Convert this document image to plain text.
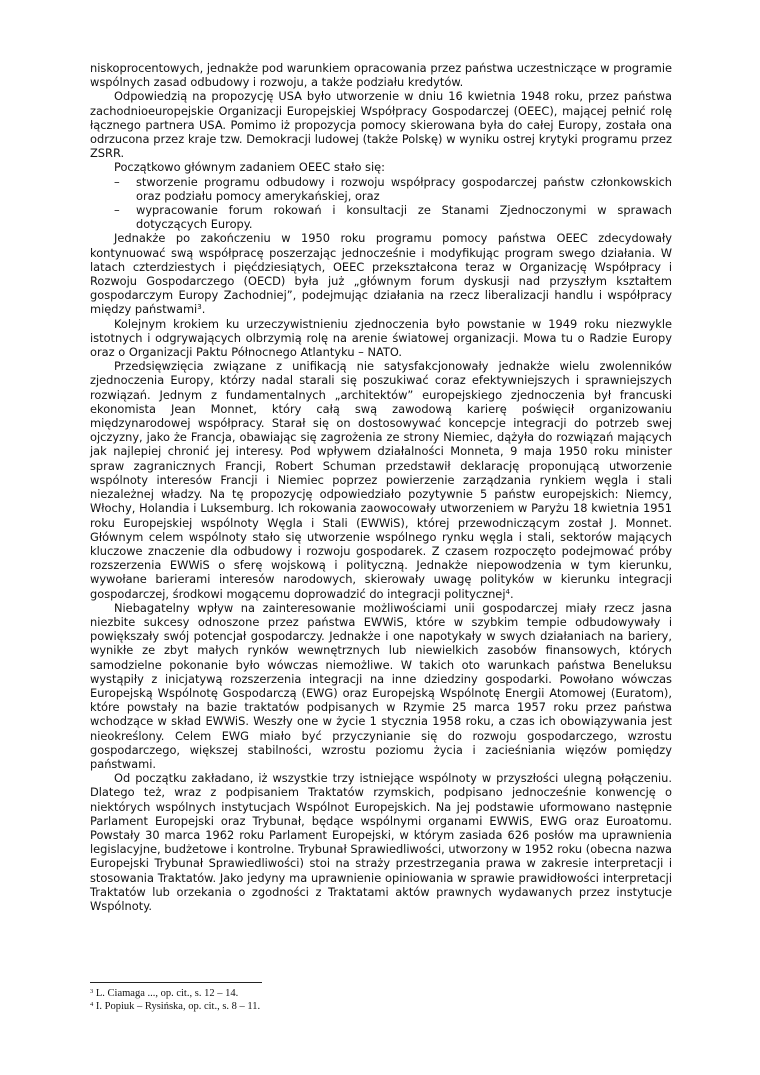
niskoprocentowych, jednakże pod warunkiem opracowania przez państwa uczestniczące w programie wspólnych zasad odbudowy i rozwoju, a także podziału kredytów.

Odpowiedzią na propozycję USA było utworzenie w dniu 16 kwietnia 1948 roku, przez państwa zachodnioeuropejskie Organizacji Europejskiej Współpracy Gospodarczej (OEEC), mającej pełnić rolę łącznego partnera USA. Pomimo iż propozycja pomocy skierowana była do całej Europy, została ona odrzucona przez kraje tzw. Demokracji ludowej (także Polskę) w wyniku ostrej krytyki programu przez ZSRR.

Początkowo głównym zadaniem OEEC stało się:

– stworzenie programu odbudowy i rozwoju współpracy gospodarczej państw członkowskich oraz podziału pomocy amerykańskiej, oraz
– wypracowanie forum rokowań i konsultacji ze Stanami Zjednoczonymi w sprawach dotyczących Europy.

Jednakże po zakończeniu w 1950 roku programu pomocy państwa OEEC zdecydowały kontynuować swą współpracę poszerzając jednocześnie i modyfikując program swego działania. W latach czterdziestych i pięćdziesiątych, OEEC przekształcona teraz w Organizację Współpracy i Rozwoju Gospodarczego (OECD) była już „głównym forum dyskusji nad przyszłym kształtem gospodarczym Europy Zachodniej”, podejmując działania na rzecz liberalizacji handlu i współpracy między państwami$^3$.

Kolejnym krokiem ku urzeczywistnieniu zjednoczenia było powstanie w 1949 roku niezwykle istotnych i odgrywających olbrzymią rolę na arenie światowej organizacji. Mowa tu o Radzie Europy oraz o Organizacji Paktu Północnego Atlantyku – NATO.

Przedsięwzięcia związane z unifikacją nie satysfakcjonowały jednakże wielu zwolenników zjednoczenia Europy, którzy nadal starali się poszukiwać coraz efektywniejszych i sprawniejszych rozwiązań. Jednym z fundamentalnych „architektów” europejskiego zjednoczenia był francuski ekonomista Jean Monnet, który całą swą zawodową karierę poświęcił organizowaniu międzynarodowej współpracy. Starał się on dostosowywać koncepcje integracji do potrzeb swej ojczyzny, jako że Francja, obawiając się zagrożenia ze strony Niemiec, dążyła do rozwiązań mających jak najlepiej chronić jej interesy. Pod wpływem działalności Monneta, 9 maja 1950 roku minister spraw zagranicznych Francji, Robert Schuman przedstawił deklarację proponującą utworzenie wspólnoty interesów Francji i Niemiec poprzez powierzenie zarządzania rynkiem węgla i stali niezależnej władzy. Na tę propozycję odpowiedziało pozytywnie 5 państw europejskich: Niemcy, Włochy, Holandia i Luksemburg. Ich rokowania zaowocowały utworzeniem w Paryżu 18 kwietnia 1951 roku Europejskiej wspólnoty Węgla i Stali (EWWiS), której przewodniczącym został J. Monnet. Głównym celem wspólnoty stało się utworzenie wspólnego rynku węgla i stali, sektorów mających kluczowe znaczenie dla odbudowy i rozwoju gospodarek. Z czasem rozpoczęto podejmować próby rozszerzenia EWWiS o sferę wojskową i polityczną. Jednakże niepowodzenia w tym kierunku, wywołane barierami interesów narodowych, skierowały uwagę polityków w kierunku integracji gospodarczej, środkowi mogącemu doprowadzić do integracji politycznej$^4$.

Niebagatelny wpływ na zainteresowanie możliwościami unii gospodarczej miały rzecz jasna niezbite sukcesy odnoszone przez państwa EWWiS, które w szybkim tempie odbudowywały i powiększały swój potencjał gospodarczy. Jednakże i one napotykały w swych działaniach na bariery, wynikłe ze zbyt małych rynków wewnętrznych lub niewielkich zasobów finansowych, których samodzielne pokonanie było wówczas niemożliwe. W takich oto warunkach państwa Beneluksu wystąpiły z inicjatywą rozszerzenia integracji na inne dziedziny gospodarki. Powołano wówczas Europejską Wspólnotę Gospodarczą (EWG) oraz Europejską Wspólnotę Energii Atomowej (Euratom), które powstały na bazie traktatów podpisanych w Rzymie 25 marca 1957 roku przez państwa wchodzące w skład EWWiS. Weszły one w życie 1 stycznia 1958 roku, a czas ich obowiązywania jest nieokreślony. Celem EWG miało być przyczynianie się do rozwoju gospodarczego, wzrostu gospodarczego, większej stabilności, wzrostu poziomu życia i zacieśniania więzów pomiędzy państwami.

Od początku zakładano, iż wszystkie trzy istniejące wspólnoty w przyszłości ulegną połączeniu. Dlatego też, wraz z podpisaniem Traktatów rzymskich, podpisano jednocześnie konwencję o niektórych wspólnych instytucjach Wspólnot Europejskich. Na jej podstawie uformowano następnie Parlament Europejski oraz Trybunał, będące wspólnymi organami EWWiS, EWG oraz Euroatomu. Powstały 30 marca 1962 roku Parlament Europejski, w którym zasiada 626 posłów ma uprawnienia legislacyjne, budżetowe i kontrolne. Trybunał Sprawiedliwości, utworzony w 1952 roku (obecna nazwa Europejski Trybunał Sprawiedliwości) stoi na straży przestrzegania prawa w zakresie interpretacji i stosowania Traktatów. Jako jedyny ma uprawnienie opiniowania w sprawie prawidłowości interpretacji Traktatów lub orzekania o zgodności z Traktatami aktów prawnych wydawanych przez instytucje Wspólnoty.

$^3$ L. Ciamaga ..., op. cit., s. 12 – 14.
$^4$ I. Popiuk – Rysińska, op. cit., s. 8 – 11.
